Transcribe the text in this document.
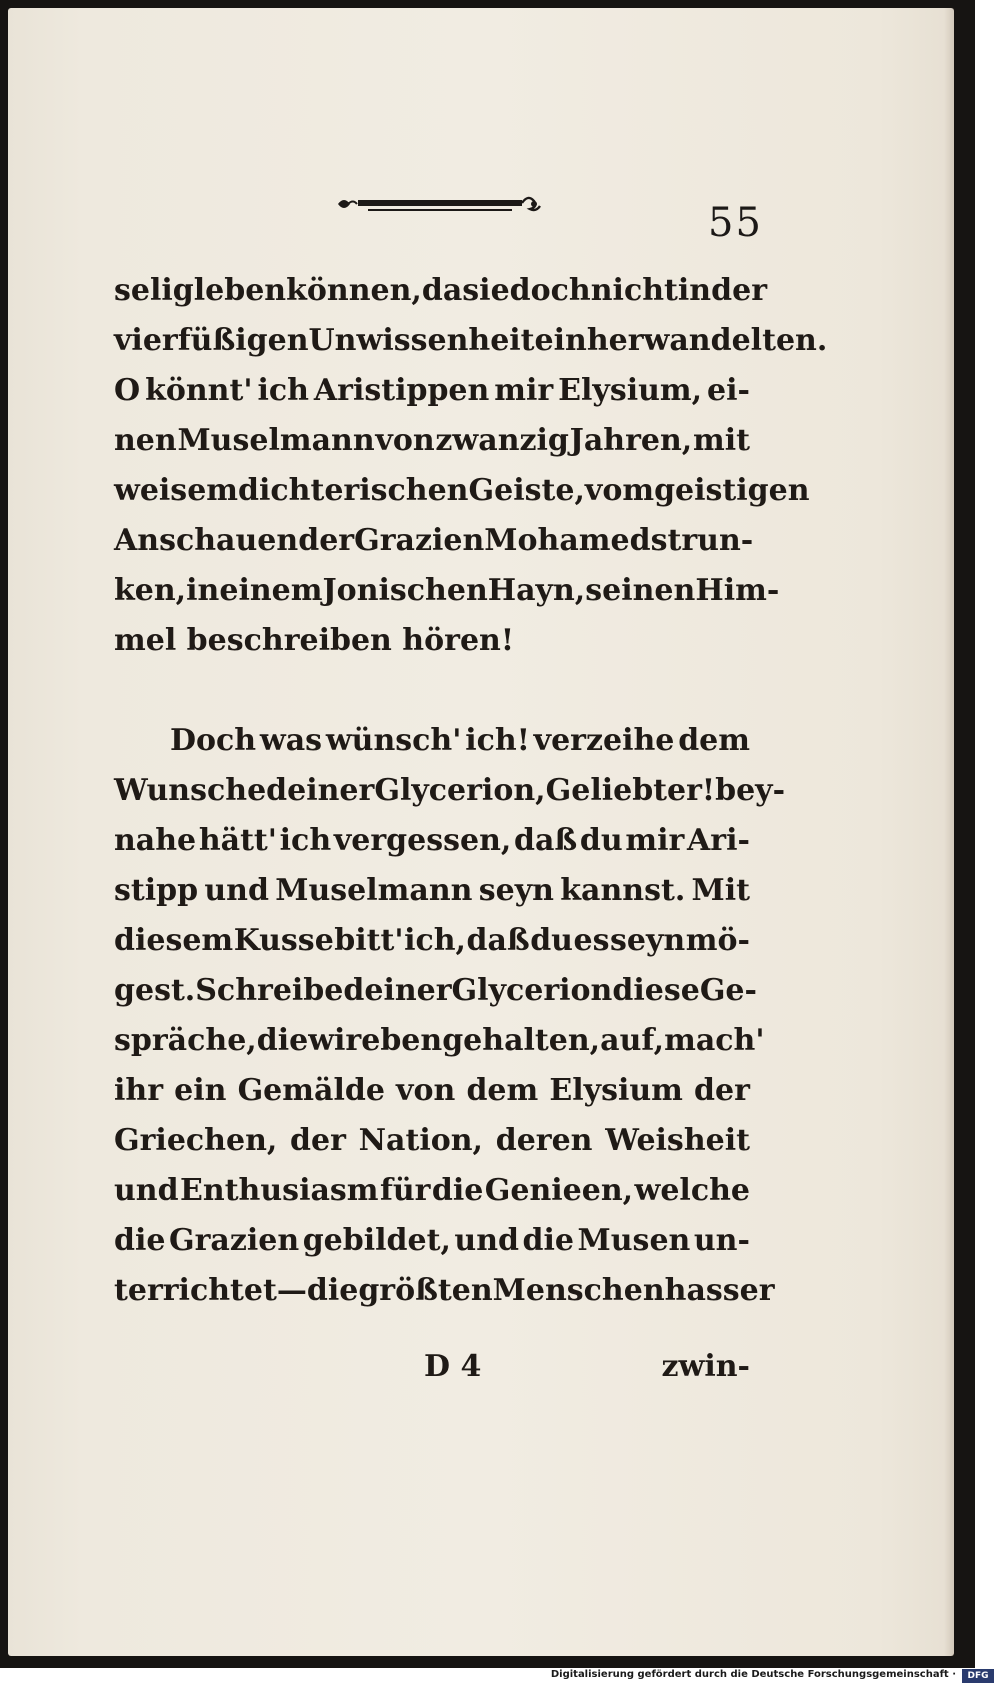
55
selig leben können, da sie doch nicht in der
vierfüßigen Unwissenheit einher wandelten.
O könnt' ich Aristippen mir Elysium, ei-
nen Muselmann von zwanzig Jahren, mit
weisem dichterischen Geiste, vom geistigen
Anschauen der Grazien Mohameds trun-
ken, in einem Jonischen Hayn, seinen Him-
mel beschreiben hören!
Doch was wünsch' ich! verzeihe dem
Wunsche deiner Glycerion, Geliebter! bey-
nahe hätt' ich vergessen, daß du mir Ari-
stipp und Muselmann seyn kannst. Mit
diesem Kusse bitt' ich, daß du es seyn mö-
gest. Schreibe deiner Glycerion diese Ge-
spräche, die wir eben gehalten, auf, mach'
ihr ein Gemälde von dem Elysium der
Griechen, der Nation, deren Weisheit
und Enthusiasm für die Genieen, welche
die Grazien gebildet, und die Musen un-
terrichtet — die größten Menschenhasser
D 4	zwin-
Digitalisierung gefördert durch die Deutsche Forschungsgemeinschaft ·	DFG
